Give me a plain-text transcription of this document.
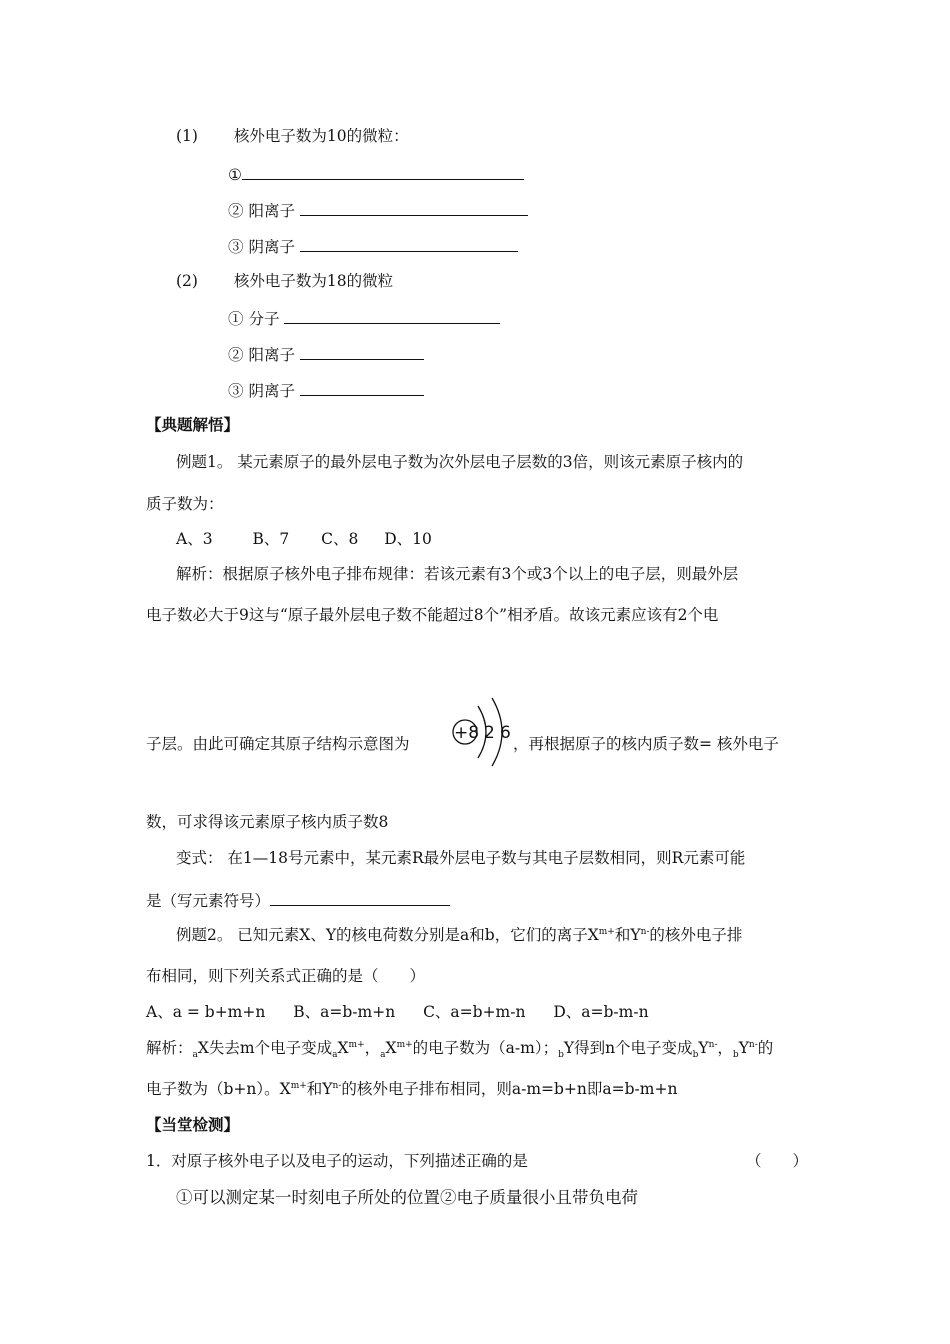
(1) 核外电子数为10的微粒：
①
② 阳离子
③ 阴离子
(2) 核外电子数为18的微粒
① 分子
② 阳离子
③ 阴离子
【典题解悟】
例题1。 某元素原子的最外层电子数为次外层电子层数的3倍，则该元素原子核内的
质子数为：
A、3	B、7 C、8 D、10
解析：根据原子核外电子排布规律：若该元素有3个或3个以上的电子层，则最外层
电子数必大于9这与“原子最外层电子数不能超过8个”相矛盾。故该元素应该有2个电
子层。由此可确定其原子结构示意图为
+8 2 6
，再根据原子的核内质子数= 核外电子
数，可求得该元素原子核内质子数8
变式： 在1—18号元素中，某元素R最外层电子数与其电子层数相同，则R元素可能
是（写元素符号）
例题2。 已知元素X、Y的核电荷数分别是a和b，它们的离子$X^{m+}$和$Y^{n-}$的核外电子排
布相同，则下列关系式正确的是（　　）
A、a = b+m+n B、a=b-m+n C、a=b+m-n D、a=b-m-n
解析：$_a$X失去m个电子变成$_aX^{m+}$，$_aX^{m+}$的电子数为（a-m）；$_b$Y得到n个电子变成$_bY^{n-}$，$_bY^{n-}$的
电子数为（b+n）。$X^{m+}$和$Y^{n-}$的核外电子排布相同，则a-m=b+n即a=b-m+n
【当堂检测】
1．对原子核外电子以及电子的运动，下列描述正确的是	（　　）
①可以测定某一时刻电子所处的位置②电子质量很小且带负电荷
